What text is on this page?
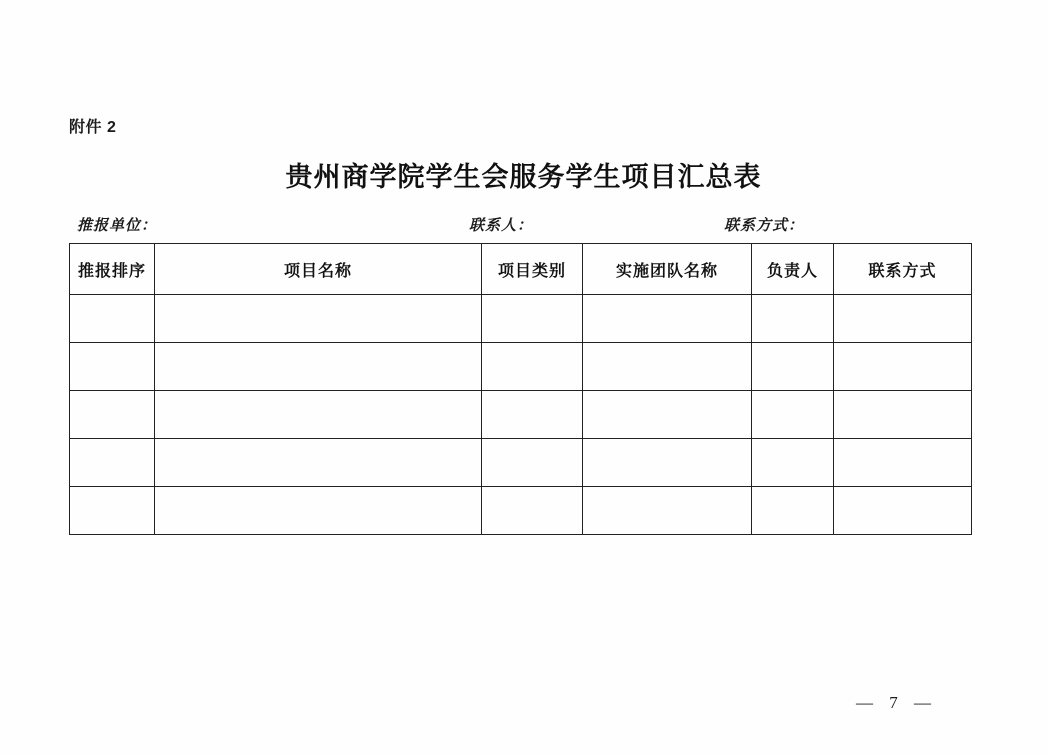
附件 2
贵州商学院学生会服务学生项目汇总表
推报单位：	联系人：	联系方式：
推报排序	项目名称	项目类别	实施团队名称	负责人	联系方式

— 7 —
